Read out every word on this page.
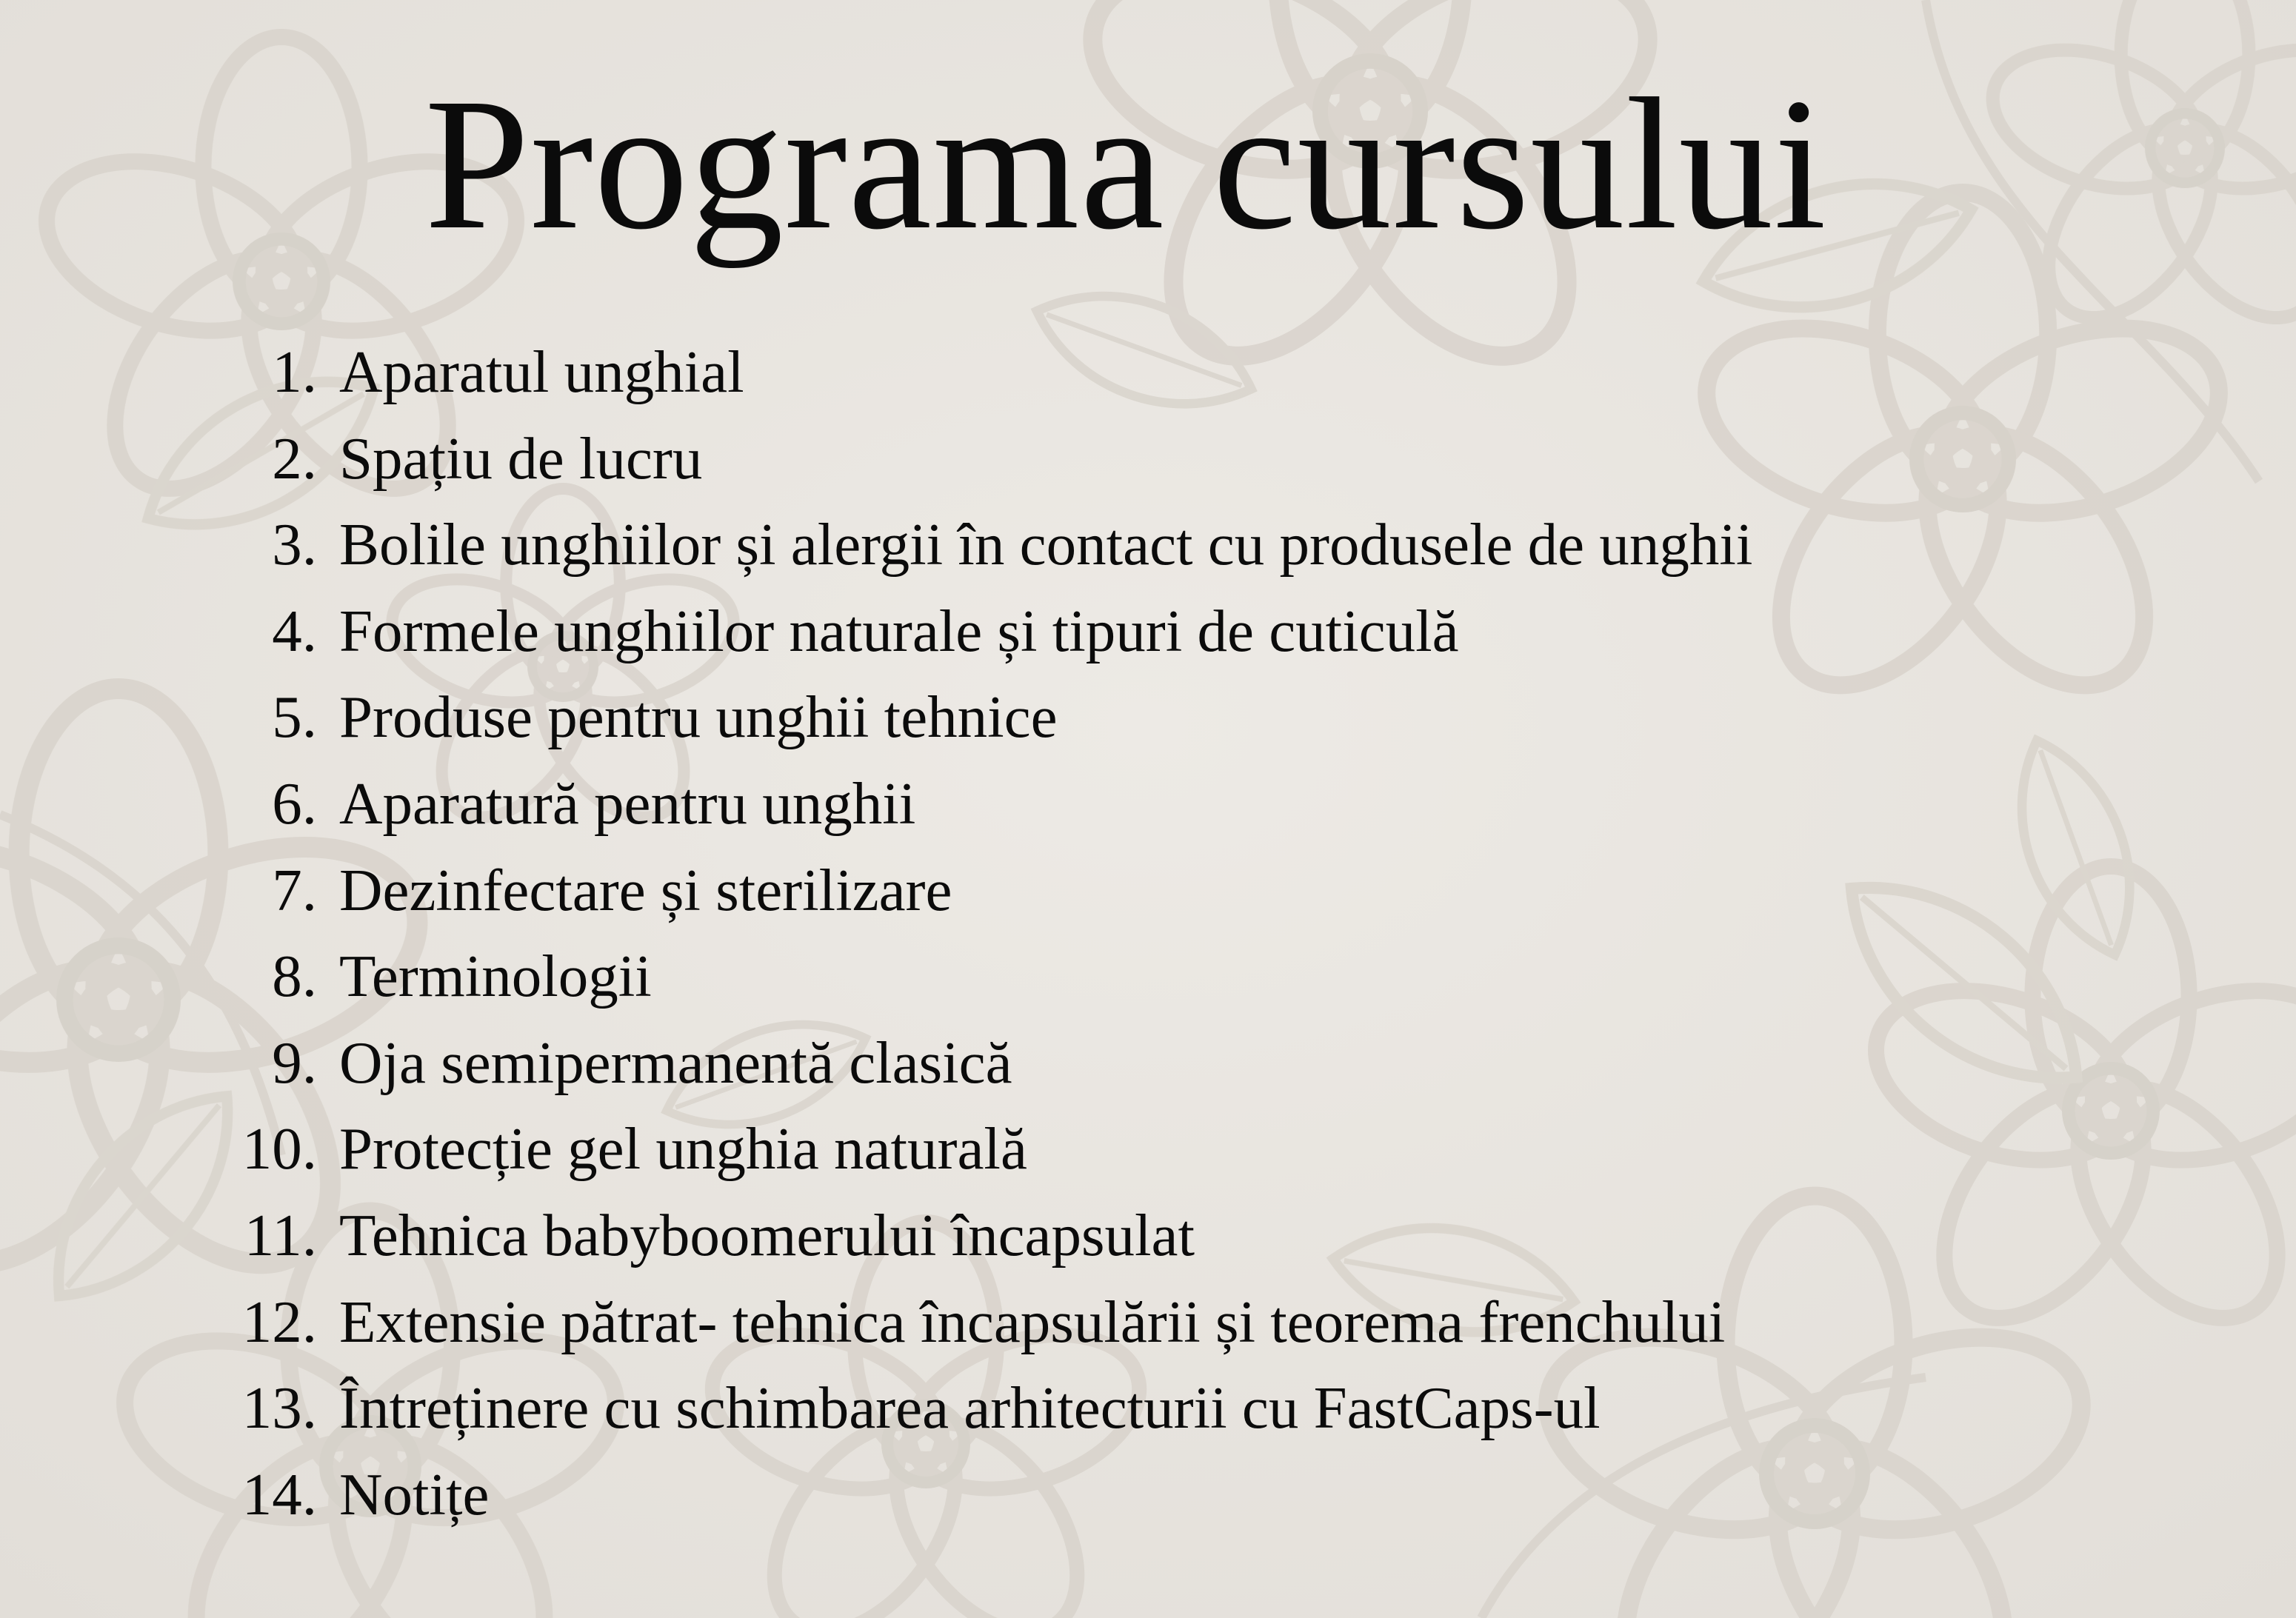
Programa cursului
1. Aparatul unghial
2. Spațiu de lucru
3. Bolile unghiilor și alergii în contact cu produsele de unghii
4. Formele unghiilor naturale și tipuri de cuticulă
5. Produse pentru unghii tehnice
6. Aparatură pentru unghii
7. Dezinfectare și sterilizare
8. Terminologii
9. Oja semipermanentă clasică
10. Protecție gel unghia naturală
11. Tehnica babyboomerului încapsulat
12. Extensie pătrat- tehnica încapsulării și teorema frenchului
13. Întreținere cu schimbarea arhitecturii cu FastCaps-ul
14. Notițe
